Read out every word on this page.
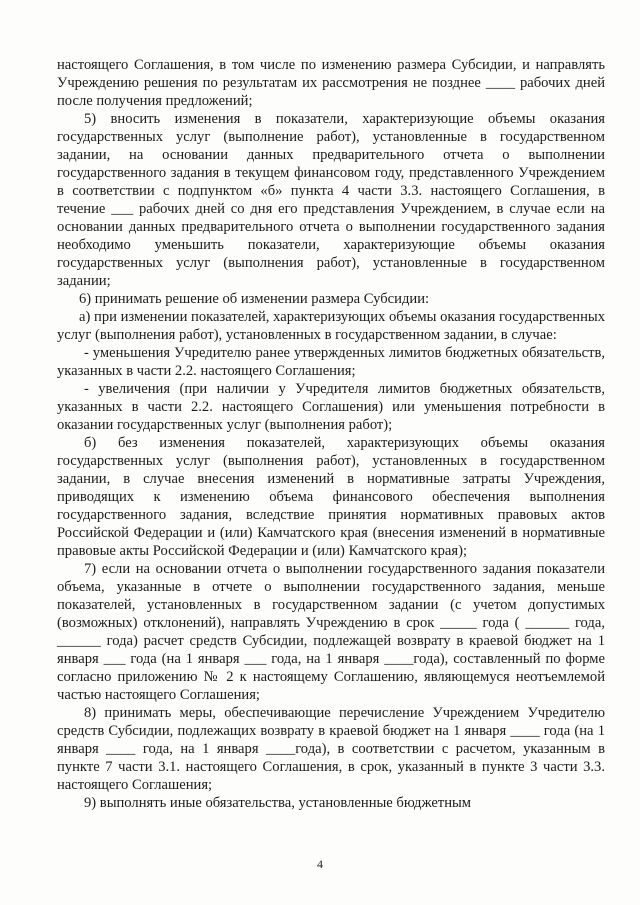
настоящего Соглашения, в том числе по изменению размера Субсидии, и направлять Учреждению решения по результатам их рассмотрения не позднее ____ рабочих дней после получения предложений;

5) вносить изменения в показатели, характеризующие объемы оказания государственных услуг (выполнение работ), установленные в государственном задании, на основании данных предварительного отчета о выполнении государственного задания в текущем финансовом году, представленного Учреждением в соответствии с подпунктом «б» пункта 4 части 3.3. настоящего Соглашения, в течение ___ рабочих дней со дня его представления Учреждением, в случае если на основании данных предварительного отчета о выполнении государственного задания необходимо уменьшить показатели, характеризующие объемы оказания государственных услуг (выполнения работ), установленные в государственном задании;

6) принимать решение об изменении размера Субсидии:

а) при изменении показателей, характеризующих объемы оказания государственных услуг (выполнения работ), установленных в государственном задании, в случае:

- уменьшения Учредителю ранее утвержденных лимитов бюджетных обязательств, указанных в части 2.2. настоящего Соглашения;

- увеличения (при наличии у Учредителя лимитов бюджетных обязательств, указанных в части 2.2. настоящего Соглашения) или уменьшения потребности в оказании государственных услуг (выполнения работ);

б) без изменения показателей, характеризующих объемы оказания государственных услуг (выполнения работ), установленных в государственном задании, в случае внесения изменений в нормативные затраты Учреждения, приводящих к изменению объема финансового обеспечения выполнения государственного задания, вследствие принятия нормативных правовых актов Российской Федерации и (или) Камчатского края (внесения изменений в нормативные правовые акты Российской Федерации и (или) Камчатского края);

7) если на основании отчета о выполнении государственного задания показатели объема, указанные в отчете о выполнении государственного задания, меньше показателей, установленных в государственном задании (с учетом допустимых (возможных) отклонений), направлять Учреждению в срок _____ года ( ______ года, ______ года) расчет средств Субсидии, подлежащей возврату в краевой бюджет на 1 января ___ года (на 1 января ___ года, на 1 января ____года), составленный по форме согласно приложению № 2 к настоящему Соглашению, являющемуся неотъемлемой частью настоящего Соглашения;

8) принимать меры, обеспечивающие перечисление Учреждением Учредителю средств Субсидии, подлежащих возврату в краевой бюджет на 1 января ____ года (на 1 января ____ года, на 1 января ____года), в соответствии с расчетом, указанным в пункте 7 части 3.1. настоящего Соглашения, в срок, указанный в пункте 3 части 3.3. настоящего Соглашения;

9) выполнять иные обязательства, установленные бюджетным

4
